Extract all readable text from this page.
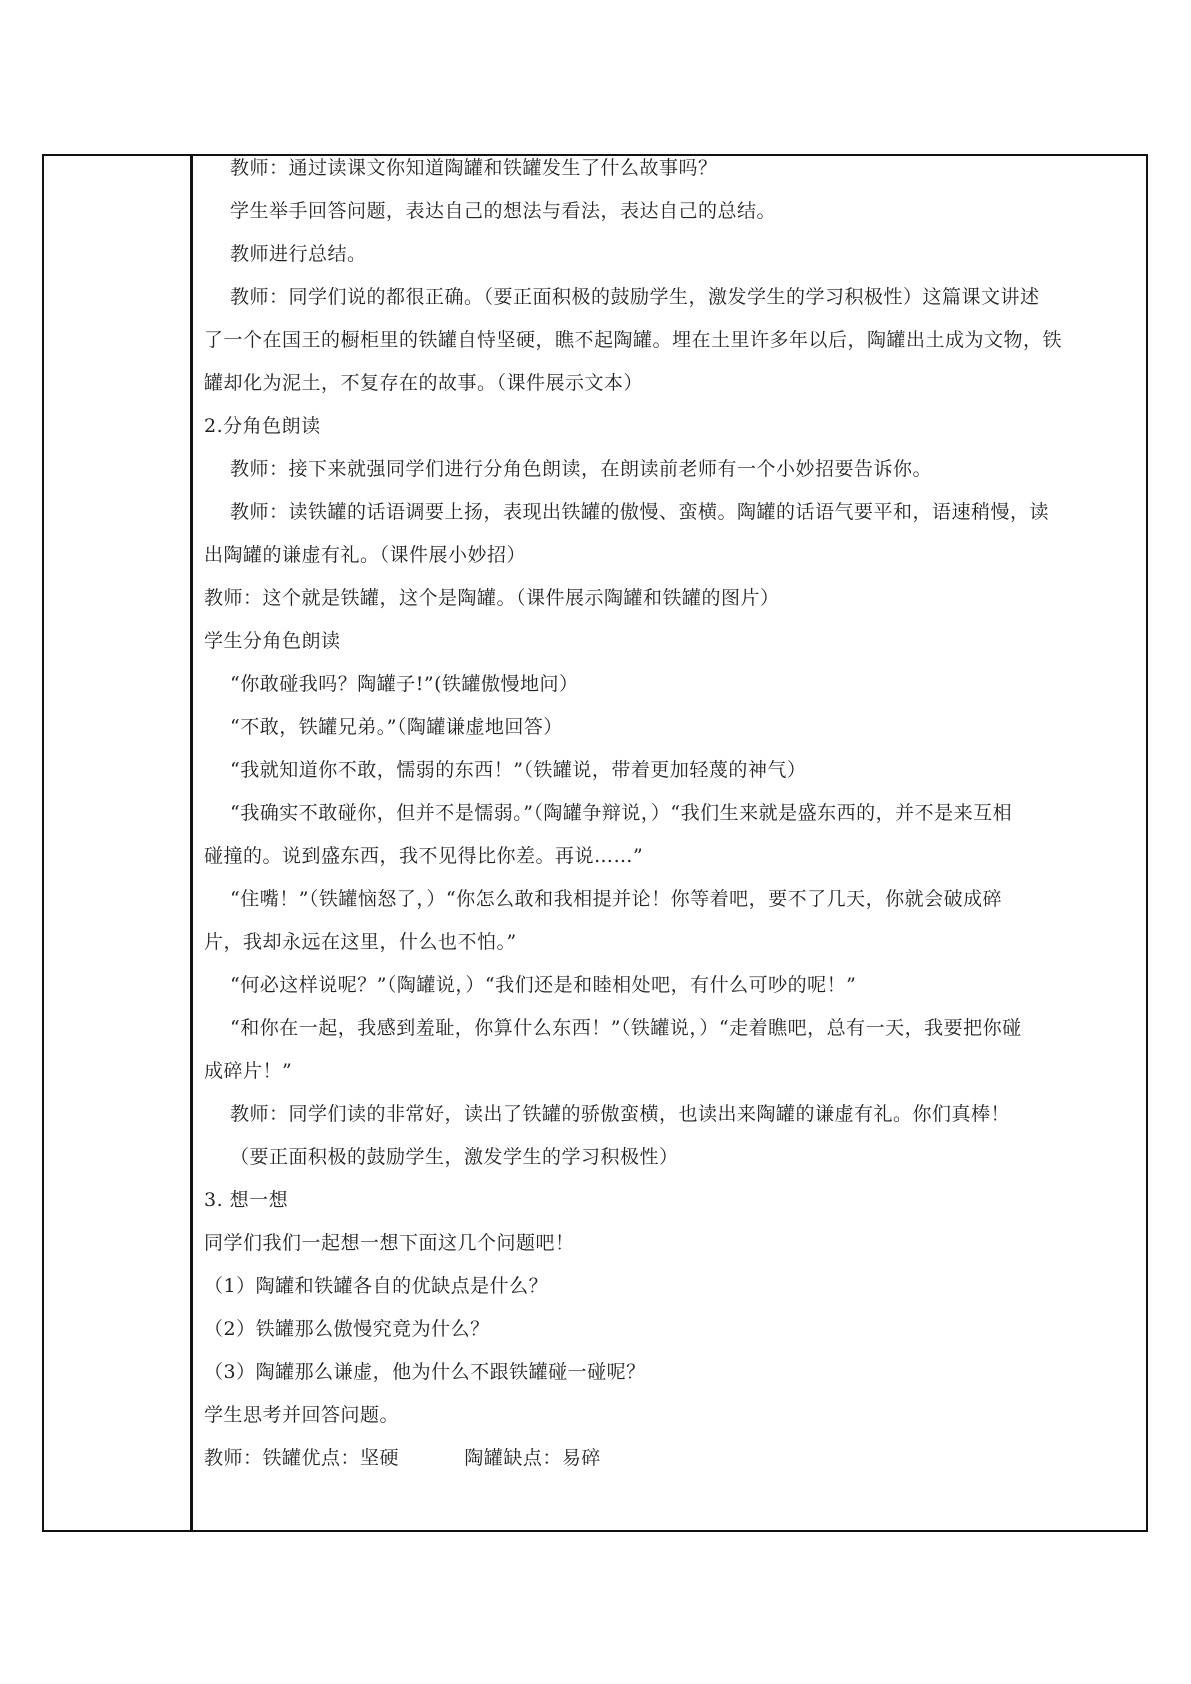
教师：通过读课文你知道陶罐和铁罐发生了什么故事吗？
学生举手回答问题，表达自己的想法与看法，表达自己的总结。
教师进行总结。
教师：同学们说的都很正确。（要正面积极的鼓励学生，激发学生的学习积极性）这篇课文讲述
了一个在国王的橱柜里的铁罐自恃坚硬，瞧不起陶罐。埋在土里许多年以后，陶罐出土成为文物，铁
罐却化为泥土，不复存在的故事。（课件展示文本）
2.分角色朗读
教师：接下来就强同学们进行分角色朗读，在朗读前老师有一个小妙招要告诉你。
教师：读铁罐的话语调要上扬，表现出铁罐的傲慢、蛮横。陶罐的话语气要平和，语速稍慢，读
出陶罐的谦虚有礼。（课件展小妙招）
教师：这个就是铁罐，这个是陶罐。（课件展示陶罐和铁罐的图片）
学生分角色朗读
“你敢碰我吗？陶罐子!”(铁罐傲慢地问）
“不敢，铁罐兄弟。”（陶罐谦虚地回答）
“我就知道你不敢，懦弱的东西！”（铁罐说，带着更加轻蔑的神气）
“我确实不敢碰你，但并不是懦弱。”（陶罐争辩说，）“我们生来就是盛东西的，并不是来互相
碰撞的。说到盛东西，我不见得比你差。再说……”
“住嘴！”（铁罐恼怒了，）“你怎么敢和我相提并论！你等着吧，要不了几天，你就会破成碎
片，我却永远在这里，什么也不怕。”
“何必这样说呢？”（陶罐说，）“我们还是和睦相处吧，有什么可吵的呢！”
“和你在一起，我感到羞耻，你算什么东西！”（铁罐说，）“走着瞧吧，总有一天，我要把你碰
成碎片！”
教师：同学们读的非常好，读出了铁罐的骄傲蛮横，也读出来陶罐的谦虚有礼。你们真棒！
（要正面积极的鼓励学生，激发学生的学习积极性）
3. 想一想
同学们我们一起想一想下面这几个问题吧！
（1）陶罐和铁罐各自的优缺点是什么？
（2）铁罐那么傲慢究竟为什么？
（3）陶罐那么谦虚，他为什么不跟铁罐碰一碰呢？
学生思考并回答问题。
教师：铁罐优点：坚硬          陶罐缺点：易碎
